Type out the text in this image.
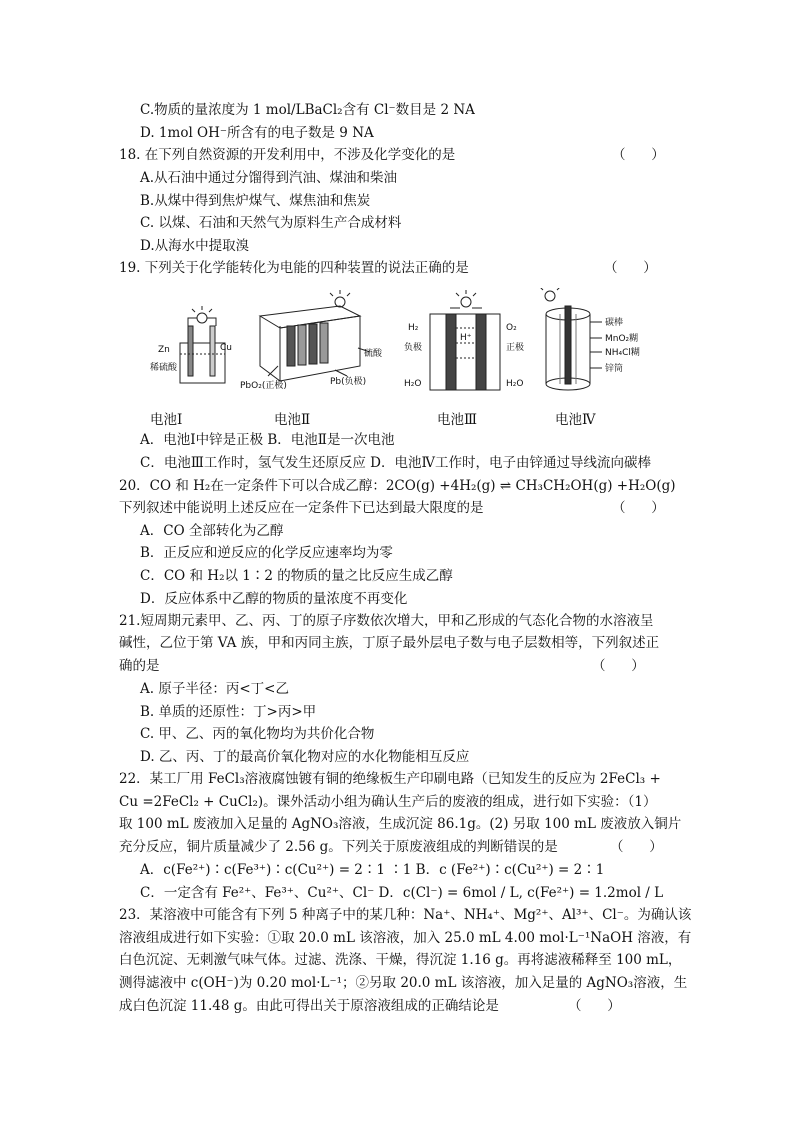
C.物质的量浓度为 1 mol/LBaCl₂含有 Cl⁻数目是 2 NA
D. 1mol OH⁻所含有的电子数是 9 NA
18. 在下列自然资源的开发利用中，不涉及化学变化的是	（      ）
A.从石油中通过分馏得到汽油、煤油和柴油
B.从煤中得到焦炉煤气、煤焦油和焦炭
C. 以煤、石油和天然气为原料生产合成材料
D.从海水中提取溴
19. 下列关于化学能转化为电能的四种装置的说法正确的是	（      ）
Zn	Cu
稀硫酸
硫酸
PbO₂(正极)	Pb(负极)
H₂	O₂
负极	正极
H⁺
H₂O	H₂O
碳棒
MnO₂糊
NH₄Cl糊
锌筒
电池Ⅰ	电池Ⅱ	电池Ⅲ	电池Ⅳ
A．电池Ⅰ中锌是正极 B．电池Ⅱ是一次电池
C．电池Ⅲ工作时，氢气发生还原反应 D．电池Ⅳ工作时，电子由锌通过导线流向碳棒
20．CO 和 H₂在一定条件下可以合成乙醇：2CO(g) +4H₂(g) ⇌ CH₃CH₂OH(g) +H₂O(g)
下列叙述中能说明上述反应在一定条件下已达到最大限度的是	（      ）
A．CO 全部转化为乙醇
B．正反应和逆反应的化学反应速率均为零
C．CO 和 H₂以 1∶2 的物质的量之比反应生成乙醇
D．反应体系中乙醇的物质的量浓度不再变化
21.短周期元素甲、乙、丙、丁的原子序数依次增大，甲和乙形成的气态化合物的水溶液呈
碱性，乙位于第 VA 族，甲和丙同主族，丁原子最外层电子数与电子层数相等，下列叙述正
确的是	（      ）
A. 原子半径：丙<丁<乙
B. 单质的还原性：丁>丙>甲
C. 甲、乙、丙的氧化物均为共价化合物
D. 乙、丙、丁的最高价氧化物对应的水化物能相互反应
22．某工厂用 FeCl₃溶液腐蚀镀有铜的绝缘板生产印刷电路（已知发生的反应为 2FeCl₃ +
Cu =2FeCl₂ + CuCl₂)。课外活动小组为确认生产后的废液的组成，进行如下实验：（1）
取 100 mL 废液加入足量的 AgNO₃溶液，生成沉淀 86.1g。(2) 另取 100 mL 废液放入铜片
充分反应，铜片质量减少了 2.56 g。下列关于原废液组成的判断错误的是	（      ）
A．c(Fe²⁺)∶c(Fe³⁺)∶c(Cu²⁺) = 2∶1 ∶1 B．c (Fe²⁺)∶c(Cu²⁺) = 2∶1
C．一定含有 Fe²⁺、Fe³⁺、Cu²⁺、Cl⁻ D．c(Cl⁻) = 6mol / L, c(Fe²⁺) = 1.2mol / L
23．某溶液中可能含有下列 5 种离子中的某几种：Na⁺、NH₄⁺、Mg²⁺、Al³⁺、Cl⁻。为确认该
溶液组成进行如下实验：①取 20.0 mL 该溶液，加入 25.0 mL 4.00 mol·L⁻¹NaOH 溶液，有
白色沉淀、无刺激气味气体。过滤、洗涤、干燥，得沉淀 1.16 g。再将滤液稀释至 100 mL，
测得滤液中 c(OH⁻)为 0.20 mol·L⁻¹；②另取 20.0 mL 该溶液，加入足量的 AgNO₃溶液，生
成白色沉淀 11.48 g。由此可得出关于原溶液组成的正确结论是	（      ）
